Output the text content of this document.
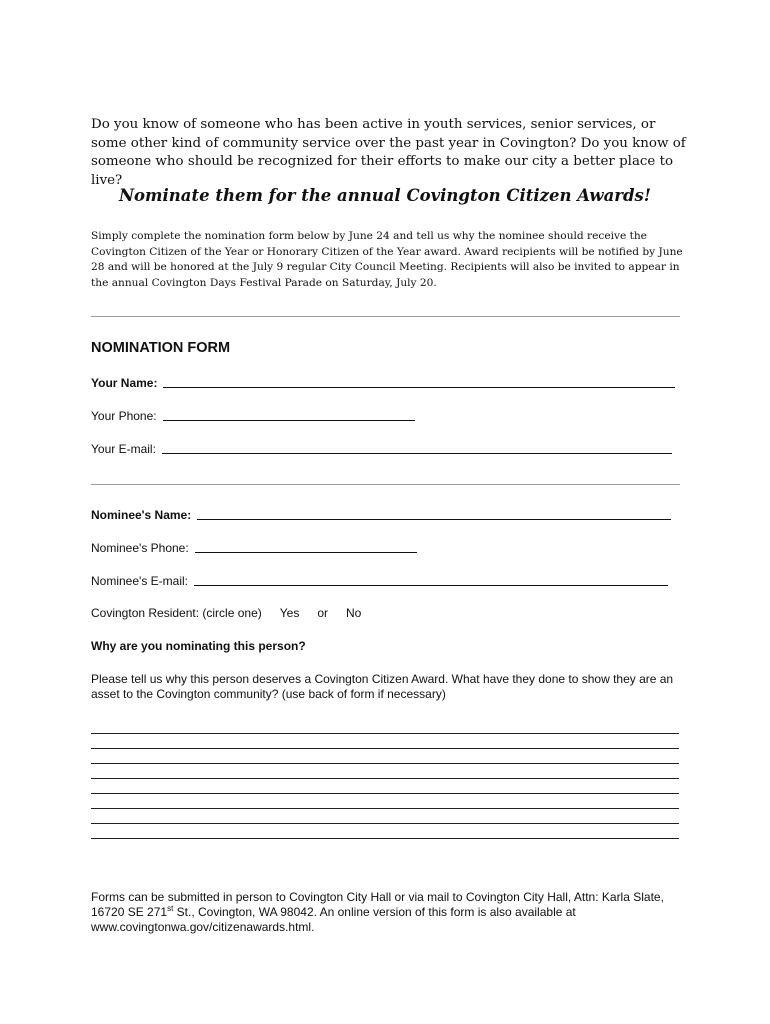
Do you know of someone who has been active in youth services, senior services, or some other kind of community service over the past year in Covington? Do you know of someone who should be recognized for their efforts to make our city a better place to live?

Nominate them for the annual Covington Citizen Awards!

Simply complete the nomination form below by June 24 and tell us why the nominee should receive the Covington Citizen of the Year or Honorary Citizen of the Year award. Award recipients will be notified by June 28 and will be honored at the July 9 regular City Council Meeting. Recipients will also be invited to appear in the annual Covington Days Festival Parade on Saturday, July 20.

NOMINATION FORM
Your Name:
Your Phone:
Your E-mail:
Nominee's Name:
Nominee's Phone:
Nominee's E-mail:
Covington Resident: (circle one) Yes or No
Why are you nominating this person?
Please tell us why this person deserves a Covington Citizen Award. What have they done to show they are an asset to the Covington community? (use back of form if necessary)
Forms can be submitted in person to Covington City Hall or via mail to Covington City Hall, Attn: Karla Slate, 16720 SE 271st St., Covington, WA 98042. An online version of this form is also available at www.covingtonwa.gov/citizenawards.html.
